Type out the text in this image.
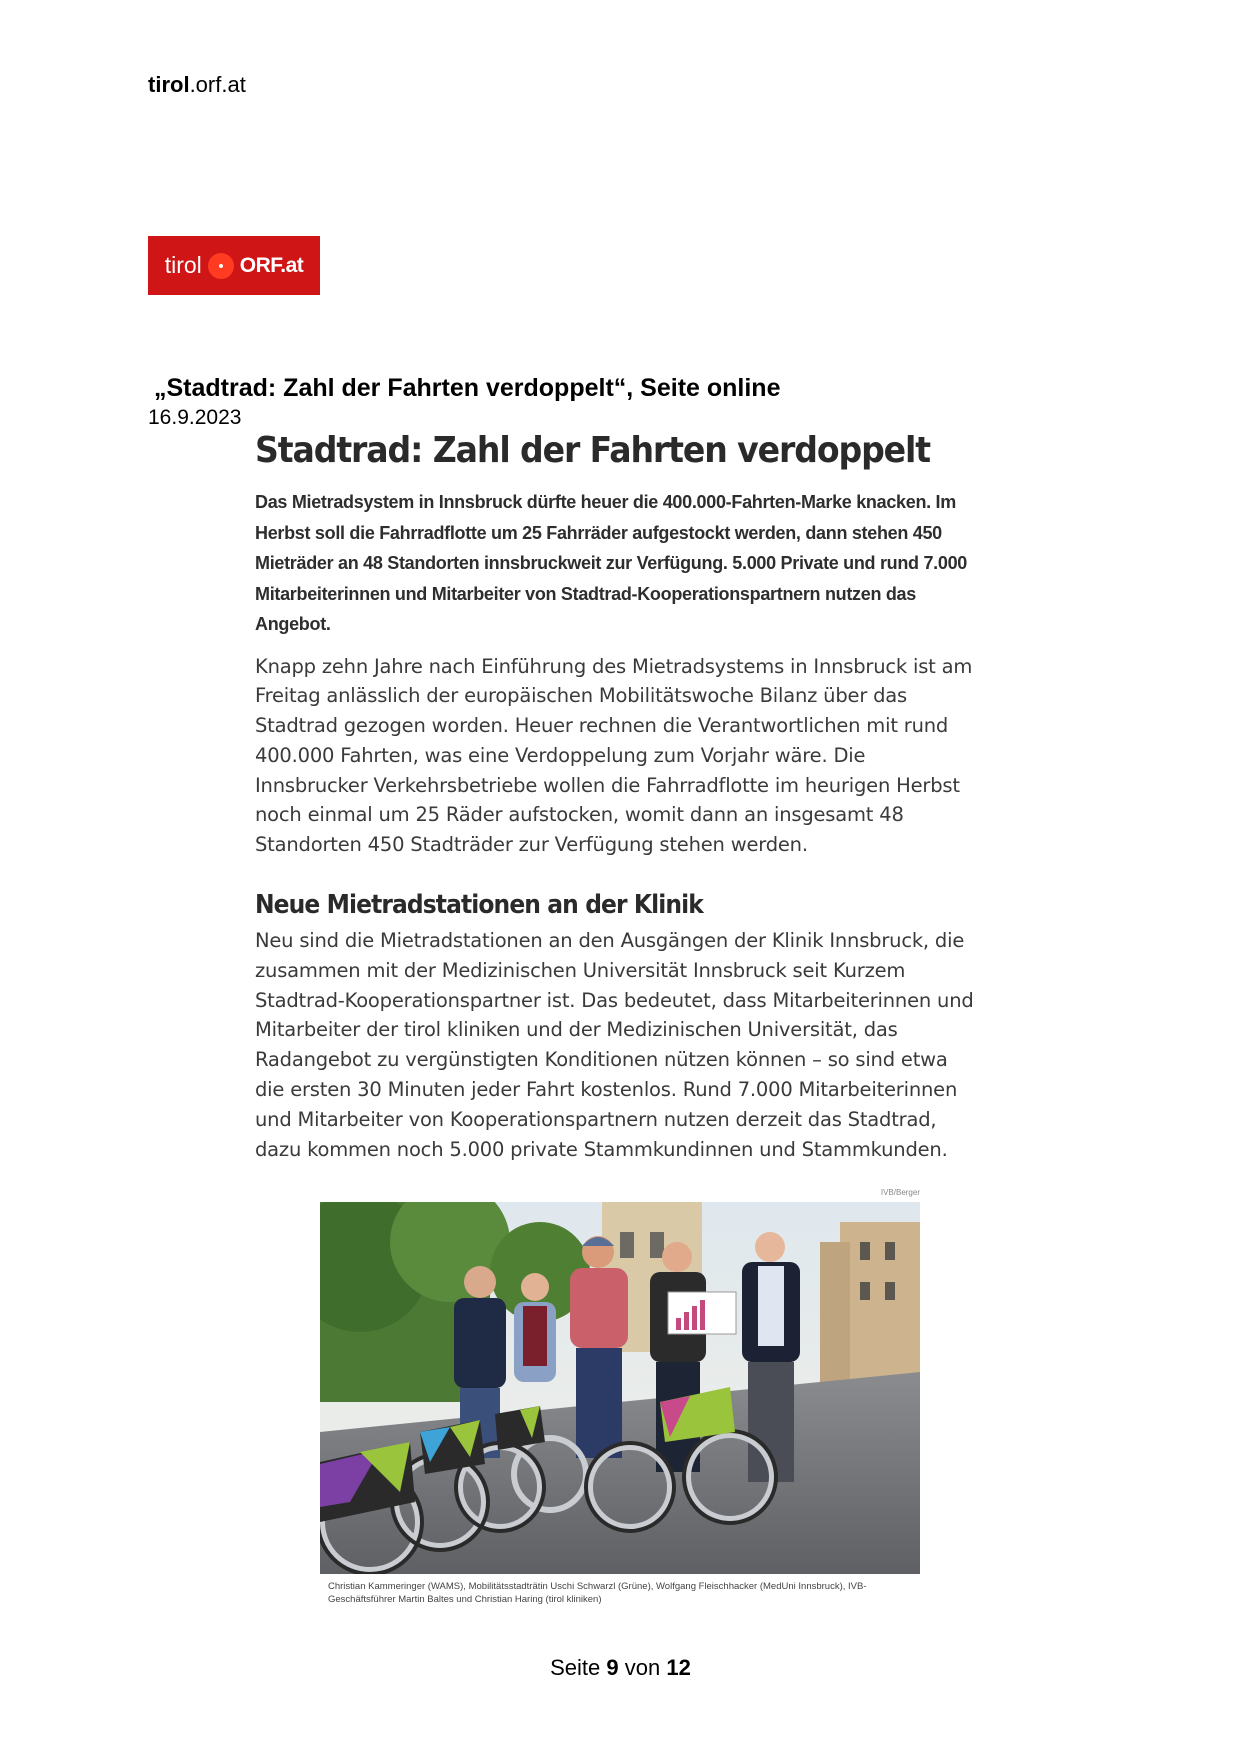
tirol.orf.at
tirol ORF.at
„Stadtrad: Zahl der Fahrten verdoppelt“, Seite online
16.9.2023
Stadtrad: Zahl der Fahrten verdoppelt
Das Mietradsystem in Innsbruck dürfte heuer die 400.000-Fahrten-Marke knacken. Im Herbst soll die Fahrradflotte um 25 Fahrräder aufgestockt werden, dann stehen 450 Mieträder an 48 Standorten innsbruckweit zur Verfügung. 5.000 Private und rund 7.000 Mitarbeiterinnen und Mitarbeiter von Stadtrad-Kooperationspartnern nutzen das Angebot.
Knapp zehn Jahre nach Einführung des Mietradsystems in Innsbruck ist am Freitag anlässlich der europäischen Mobilitätswoche Bilanz über das Stadtrad gezogen worden. Heuer rechnen die Verantwortlichen mit rund 400.000 Fahrten, was eine Verdoppelung zum Vorjahr wäre. Die Innsbrucker Verkehrsbetriebe wollen die Fahrradflotte im heurigen Herbst noch einmal um 25 Räder aufstocken, womit dann an insgesamt 48 Standorten 450 Stadträder zur Verfügung stehen werden.
Neue Mietradstationen an der Klinik
Neu sind die Mietradstationen an den Ausgängen der Klinik Innsbruck, die zusammen mit der Medizinischen Universität Innsbruck seit Kurzem Stadtrad-Kooperationspartner ist. Das bedeutet, dass Mitarbeiterinnen und Mitarbeiter der tirol kliniken und der Medizinischen Universität, das Radangebot zu vergünstigten Konditionen nützen können – so sind etwa die ersten 30 Minuten jeder Fahrt kostenlos. Rund 7.000 Mitarbeiterinnen und Mitarbeiter von Kooperationspartnern nutzen derzeit das Stadtrad, dazu kommen noch 5.000 private Stammkundinnen und Stammkunden.
IVB/Berger
Christian Kammeringer (WAMS), Mobilitätsstadträtin Uschi Schwarzl (Grüne), Wolfgang Fleischhacker (MedUni Innsbruck), IVB-Geschäftsführer Martin Baltes und Christian Haring (tirol kliniken)
Seite 9 von 12
